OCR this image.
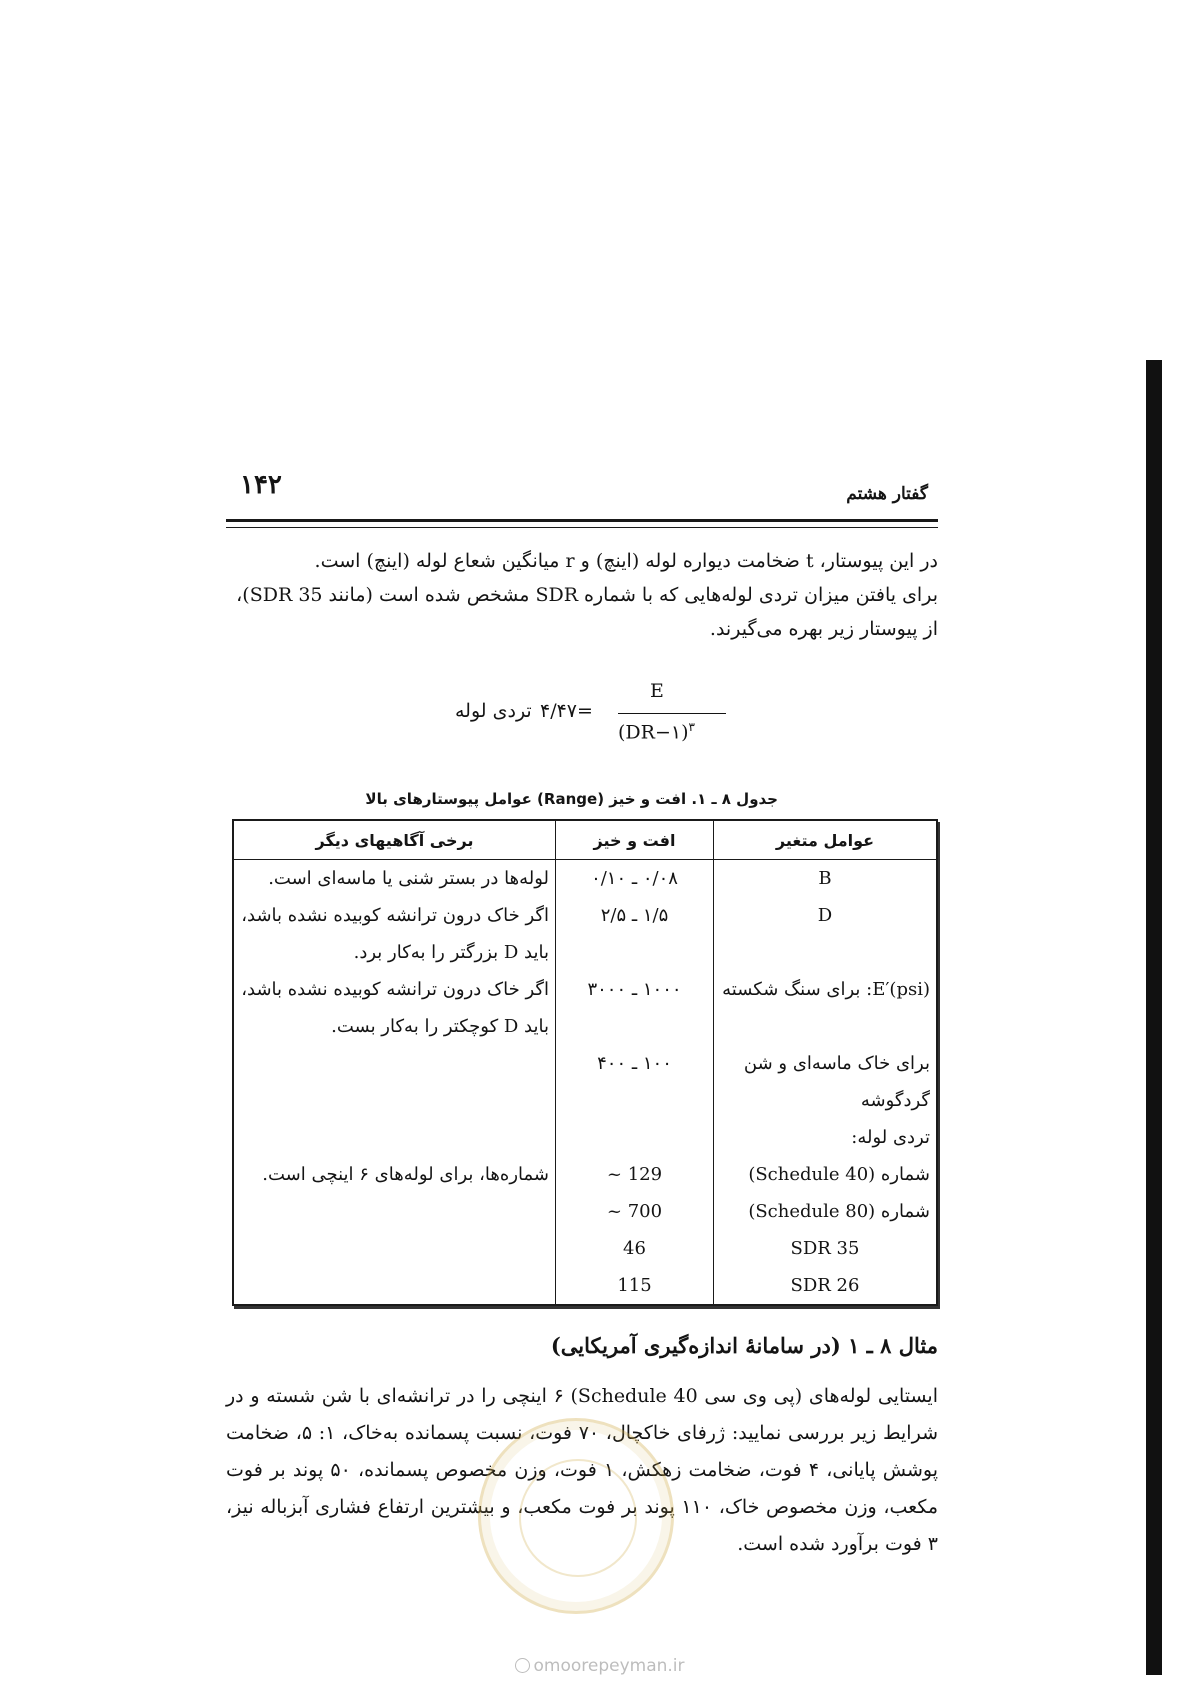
۱۴۲	گفتار هشتم

در این پیوستار، t ضخامت دیواره لوله (اینچ) و r میانگین شعاع لوله (اینچ) است.

برای یافتن میزان تردی لوله‌هایی که با شماره SDR مشخص شده است (مانند SDR 35)،

از پیوستار زیر بهره می‌گیرند.

تردی لوله =۴/۴۷
E
(DR−۱)$^۳$
جدول ۸ ـ ۱. افت و خیز (Range) عوامل پیوستارهای بالا
عوامل متغیر	افت و خیز	برخی آگاهیهای دیگر
B	۰/۰۸ ـ ۰/۱۰	لوله‌ها در بستر شنی یا ماسه‌ای است.
D	۱/۵ ـ ۲/۵	اگر خاک درون ترانشه کوبیده نشده باشد،
		باید D بزرگتر را به‌کار برد.
E′(psi): برای سنگ شکسته	۱۰۰۰ ـ ۳۰۰۰	اگر خاک درون ترانشه کوبیده نشده باشد،
		باید D کوچکتر را به‌کار بست.
برای خاک ماسه‌ای و شن	۱۰۰ ـ ۴۰۰	
گردگوشه		
تردی لوله:		
شماره (Schedule 40)	~ 129	شماره‌ها، برای لوله‌های ۶ اینچی است.
شماره (Schedule 80)	~ 700	
SDR 35	46	
SDR 26	115	
مثال ۸ ـ ۱ (در سامانهٔ اندازه‌گیری آمریکایی)

ایستایی لوله‌های (پی وی سی Schedule 40) ۶ اینچی را در ترانشه‌ای با شن شسته و در شرایط زیر بررسی نمایید: ژرفای خاکچال، ۷۰ فوت، نسبت پسمانده به‌خاک، ۱: ۵، ضخامت پوشش پایانی، ۴ فوت، ضخامت زهکش، ۱ فوت، وزن مخصوص پسمانده، ۵۰ پوند بر فوت مکعب، وزن مخصوص خاک، ۱۱۰ پوند بر فوت مکعب، و بیشترین ارتفاع فشاری آبزباله نیز، ۳ فوت برآورد شده است.

omoorepeyman.ir
